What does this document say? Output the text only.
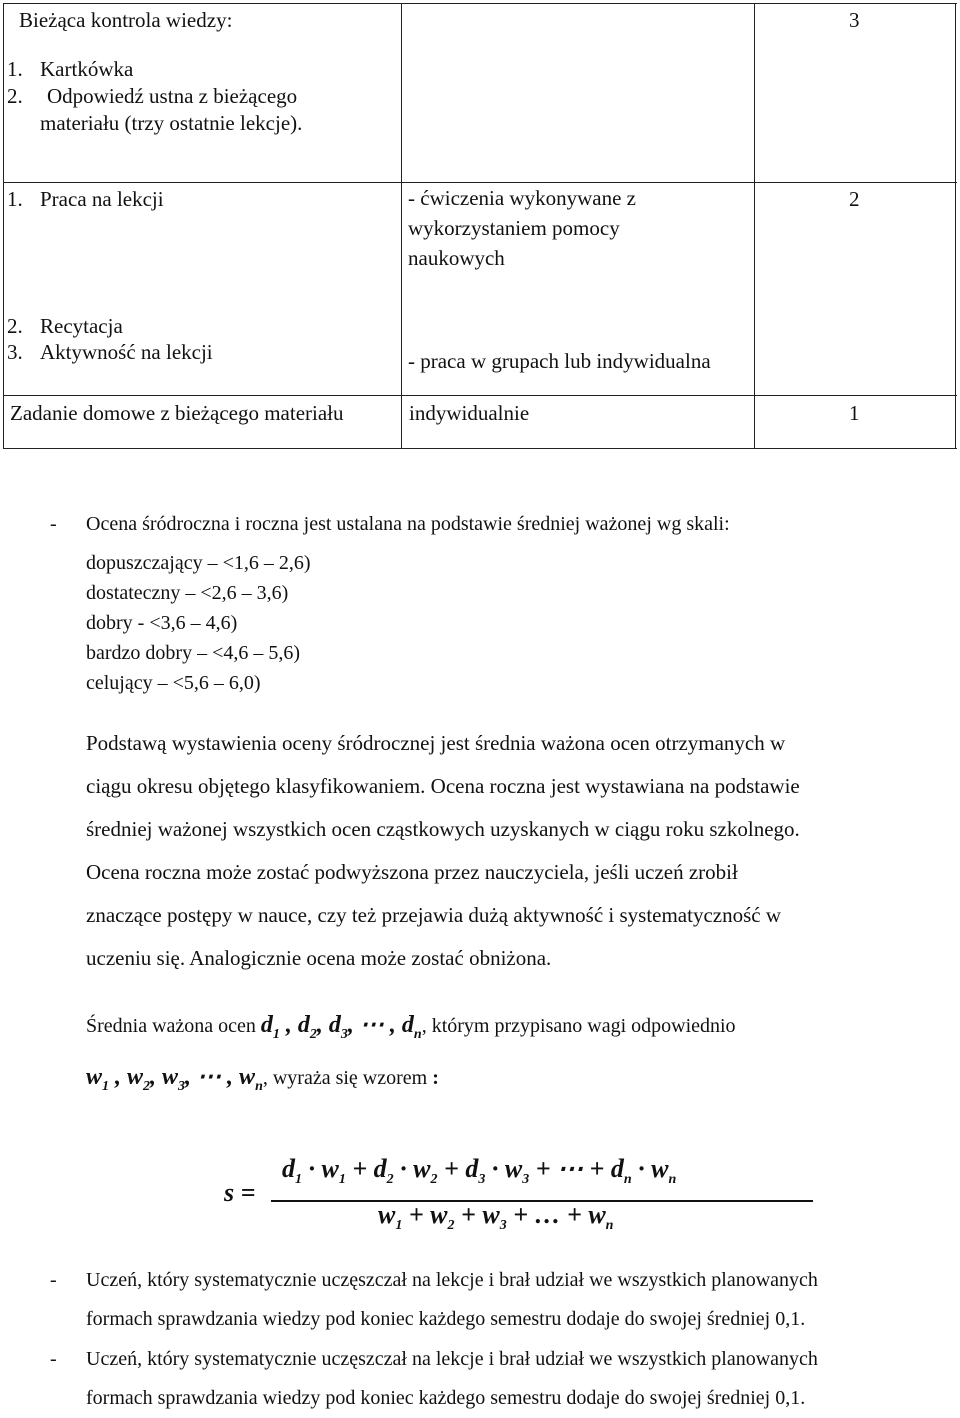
Bieżąca kontrola wiedzy:
1. Kartkówka
2. Odpowiedź ustna z bieżącego
materiału (trzy ostatnie lekcje).
3
1. Praca na lekcji
2. Recytacja
3. Aktywność na lekcji
- ćwiczenia wykonywane z
wykorzystaniem pomocy
naukowych
- praca w grupach lub indywidualna
2
Zadanie domowe z bieżącego materiału	indywidualnie	1
- Ocena śródroczna i roczna jest ustalana na podstawie średniej ważonej wg skali:
dopuszczający – <1,6 – 2,6)
dostateczny – <2,6 – 3,6)
dobry - <3,6 – 4,6)
bardzo dobry – <4,6 – 5,6)
celujący – <5,6 – 6,0)
Podstawą wystawienia oceny śródrocznej jest średnia ważona ocen otrzymanych w
ciągu okresu objętego klasyfikowaniem. Ocena roczna jest wystawiana na podstawie
średniej ważonej wszystkich ocen cząstkowych uzyskanych w ciągu roku szkolnego.
Ocena roczna może zostać podwyższona przez nauczyciela, jeśli uczeń zrobił
znaczące postępy w nauce, czy też przejawia dużą aktywność i systematyczność w
uczeniu się. Analogicznie ocena może zostać obniżona.
Średnia ważona ocen $d_1$ , $d_2$, $d_3$, ⋯ , $d_n$, którym przypisano wagi odpowiednio
$w_1$ , $w_2$, $w_3$, ⋯ , $w_n$, wyraża się wzorem :
s =
$d_1 \cdot w_1 + d_2 \cdot w_2 + d_3 \cdot w_3$ + ⋯ + $d_n \cdot w_n$
$w_1 + w_2 + w_3$ + … + $w_n$
- Uczeń, który systematycznie uczęszczał na lekcje i brał udział we wszystkich planowanych
formach sprawdzania wiedzy pod koniec każdego semestru dodaje do swojej średniej 0,1.
- Uczeń, który systematycznie uczęszczał na lekcje i brał udział we wszystkich planowanych
formach sprawdzania wiedzy pod koniec każdego semestru dodaje do swojej średniej 0,1.
